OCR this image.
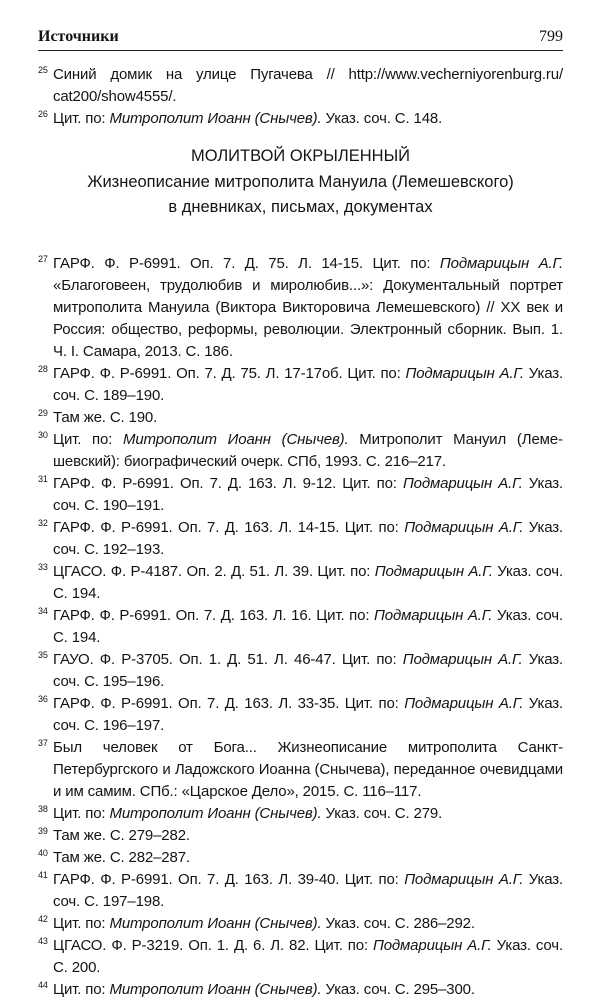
Источники	799

$^{25}$ Синий домик на улице Пугачева // http://www.vecherniyorenburg.ru/ cat200/show4555/.

$^{26}$ Цит. по: Митрополит Иоанн (Снычев). Указ. соч. С. 148.

МОЛИТВОЙ ОКРЫЛЕННЫЙ
Жизнеописание митрополита Мануила (Лемешевского)
в дневниках, письмах, документах

$^{27}$ ГАРФ. Ф. Р-6991. Оп. 7. Д. 75. Л. 14-15. Цит. по: Подмарицын А.Г. «Благоговеен, трудолюбив и миролюбив...»: Документальный портрет митрополита Мануила (Виктора Викторовича Лемешевского) // XX век и Россия: общество, реформы, революции. Электронный сборник. Вып. 1. Ч. I. Самара, 2013. С. 186.

$^{28}$ ГАРФ. Ф. Р-6991. Оп. 7. Д. 75. Л. 17-17об. Цит. по: Подмарицын А.Г. Указ. соч. С. 189–190.

$^{29}$ Там же. С. 190.

$^{30}$ Цит. по: Митрополит Иоанн (Снычев). Митрополит Мануил (Лемешевский): биографический очерк. СПб, 1993. С. 216–217.

$^{31}$ ГАРФ. Ф. Р-6991. Оп. 7. Д. 163. Л. 9-12. Цит. по: Подмарицын А.Г. Указ. соч. С. 190–191.

$^{32}$ ГАРФ. Ф. Р-6991. Оп. 7. Д. 163. Л. 14-15. Цит. по: Подмарицын А.Г. Указ. соч. С. 192–193.

$^{33}$ ЦГАСО. Ф. Р-4187. Оп. 2. Д. 51. Л. 39. Цит. по: Подмарицын А.Г. Указ. соч. С. 194.

$^{34}$ ГАРФ. Ф. Р-6991. Оп. 7. Д. 163. Л. 16. Цит. по: Подмарицын А.Г. Указ. соч. С. 194.

$^{35}$ ГАУО. Ф. Р-3705. Оп. 1. Д. 51. Л. 46-47. Цит. по: Подмарицын А.Г. Указ. соч. С. 195–196.

$^{36}$ ГАРФ. Ф. Р-6991. Оп. 7. Д. 163. Л. 33-35. Цит. по: Подмарицын А.Г. Указ. соч. С. 196–197.

$^{37}$ Был человек от Бога... Жизнеописание митрополита Санкт-Петербургского и Ладожского Иоанна (Снычева), переданное очевидцами и им самим. СПб.: «Царское Дело», 2015. С. 116–117.

$^{38}$ Цит. по: Митрополит Иоанн (Снычев). Указ. соч. С. 279.

$^{39}$ Там же. С. 279–282.

$^{40}$ Там же. С. 282–287.

$^{41}$ ГАРФ. Ф. Р-6991. Оп. 7. Д. 163. Л. 39-40. Цит. по: Подмарицын А.Г. Указ. соч. С. 197–198.

$^{42}$ Цит. по: Митрополит Иоанн (Снычев). Указ. соч. С. 286–292.

$^{43}$ ЦГАСО. Ф. Р-3219. Оп. 1. Д. 6. Л. 82. Цит. по: Подмарицын А.Г. Указ. соч. С. 200.

$^{44}$ Цит. по: Митрополит Иоанн (Снычев). Указ. соч. С. 295–300.
